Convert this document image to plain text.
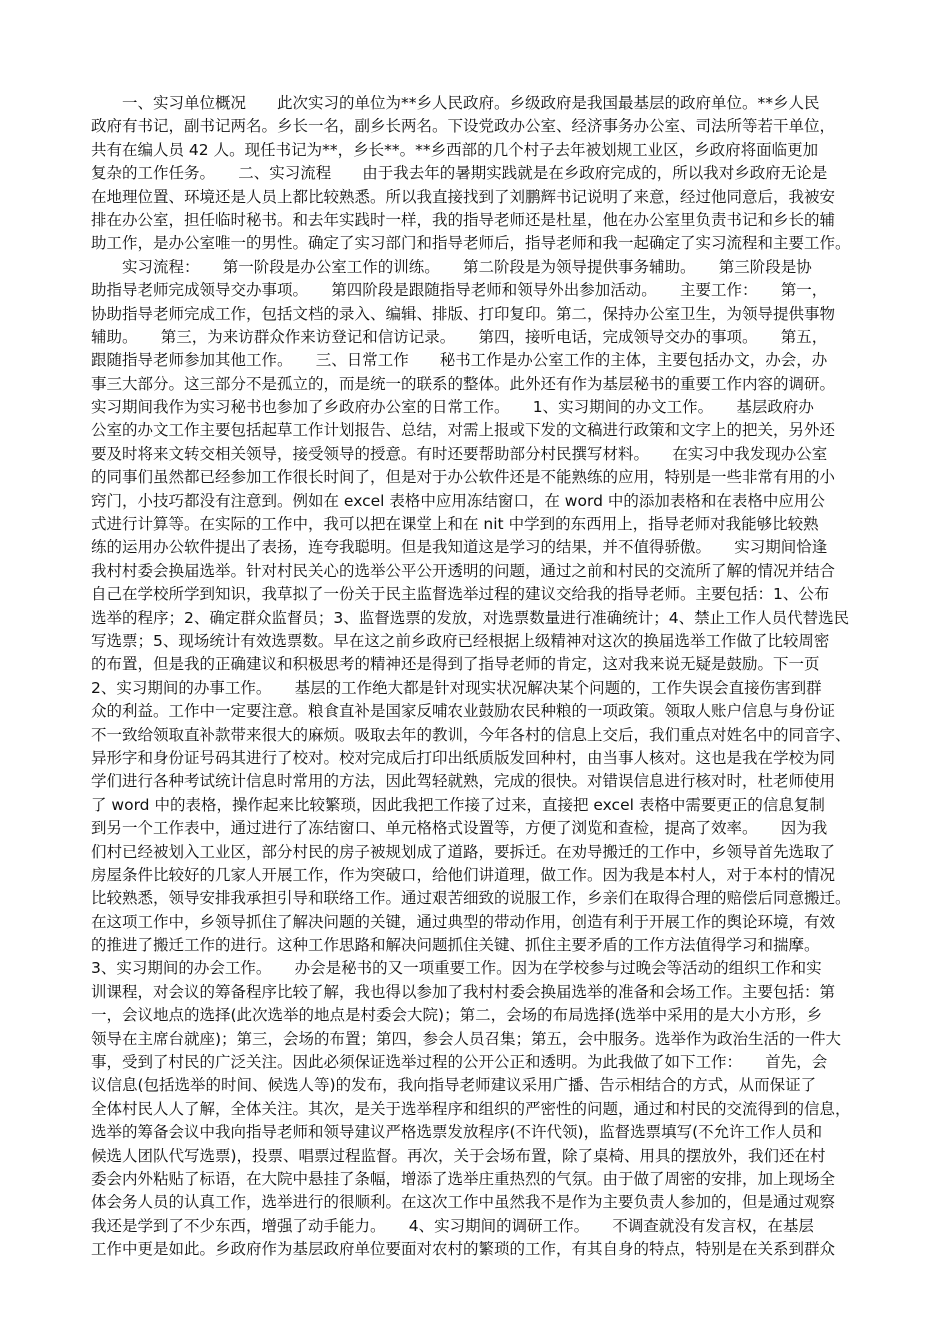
一、实习单位概况　　此次实习的单位为**乡人民政府。乡级政府是我国最基层的政府单位。**乡人民
政府有书记，副书记两名。乡长一名，副乡长两名。下设党政办公室、经济事务办公室、司法所等若干单位，
共有在编人员 42 人。现任书记为**，乡长**。**乡西部的几个村子去年被划规工业区，乡政府将面临更加
复杂的工作任务。　　二、实习流程　　由于我去年的暑期实践就是在乡政府完成的，所以我对乡政府无论是
在地理位置、环境还是人员上都比较熟悉。所以我直接找到了刘鹏辉书记说明了来意，经过他同意后，我被安
排在办公室，担任临时秘书。和去年实践时一样，我的指导老师还是杜星，他在办公室里负责书记和乡长的辅
助工作，是办公室唯一的男性。确定了实习部门和指导老师后，指导老师和我一起确定了实习流程和主要工作。
　　实习流程：　　第一阶段是办公室工作的训练。　　第二阶段是为领导提供事务辅助。　　第三阶段是协
助指导老师完成领导交办事项。　　第四阶段是跟随指导老师和领导外出参加活动。　　主要工作：　　第一，
协助指导老师完成工作，包括文档的录入、编辑、排版、打印复印。第二，保持办公室卫生，为领导提供事物
辅助。　　第三，为来访群众作来访登记和信访记录。　　第四，接听电话，完成领导交办的事项。　　第五，
跟随指导老师参加其他工作。　　三、日常工作　　秘书工作是办公室工作的主体，主要包括办文，办会，办
事三大部分。这三部分不是孤立的，而是统一的联系的整体。此外还有作为基层秘书的重要工作内容的调研。
实习期间我作为实习秘书也参加了乡政府办公室的日常工作。　　1、实习期间的办文工作。　　基层政府办
公室的办文工作主要包括起草工作计划报告、总结，对需上报或下发的文稿进行政策和文字上的把关，另外还
要及时将来文转交相关领导，接受领导的授意。有时还要帮助部分村民撰写材料。　　在实习中我发现办公室
的同事们虽然都已经参加工作很长时间了，但是对于办公软件还是不能熟练的应用，特别是一些非常有用的小
窍门，小技巧都没有注意到。例如在 excel 表格中应用冻结窗口，在 word 中的添加表格和在表格中应用公
式进行计算等。在实际的工作中，我可以把在课堂上和在 nit 中学到的东西用上，指导老师对我能够比较熟
练的运用办公软件提出了表扬，连夸我聪明。但是我知道这是学习的结果，并不值得骄傲。　　实习期间恰逢
我村村委会换届选举。针对村民关心的选举公平公开透明的问题，通过之前和村民的交流所了解的情况并结合
自己在学校所学到知识，我草拟了一份关于民主监督选举过程的建议交给我的指导老师。主要包括：1、公布
选举的程序；2、确定群众监督员；3、监督选票的发放，对选票数量进行准确统计；4、禁止工作人员代替选民
写选票；5、现场统计有效选票数。早在这之前乡政府已经根据上级精神对这次的换届选举工作做了比较周密
的布置，但是我的正确建议和积极思考的精神还是得到了指导老师的肯定，这对我来说无疑是鼓励。下一页
2、实习期间的办事工作。　　基层的工作绝大都是针对现实状况解决某个问题的，工作失误会直接伤害到群
众的利益。工作中一定要注意。粮食直补是国家反哺农业鼓励农民种粮的一项政策。领取人账户信息与身份证
不一致给领取直补款带来很大的麻烦。吸取去年的教训，今年各村的信息上交后，我们重点对姓名中的同音字、
异形字和身份证号码其进行了校对。校对完成后打印出纸质版发回种村，由当事人核对。这也是我在学校为同
学们进行各种考试统计信息时常用的方法，因此驾轻就熟，完成的很快。对错误信息进行核对时，杜老师使用
了 word 中的表格，操作起来比较繁琐，因此我把工作接了过来，直接把 excel 表格中需要更正的信息复制
到另一个工作表中，通过进行了冻结窗口、单元格格式设置等，方便了浏览和查检，提高了效率。　　因为我
们村已经被划入工业区，部分村民的房子被规划成了道路，要拆迁。在劝导搬迁的工作中，乡领导首先选取了
房屋条件比较好的几家人开展工作，作为突破口，给他们讲道理，做工作。因为我是本村人，对于本村的情况
比较熟悉，领导安排我承担引导和联络工作。通过艰苦细致的说服工作，乡亲们在取得合理的赔偿后同意搬迁。
在这项工作中，乡领导抓住了解决问题的关键，通过典型的带动作用，创造有利于开展工作的舆论环境，有效
的推进了搬迁工作的进行。这种工作思路和解决问题抓住关键、抓住主要矛盾的工作方法值得学习和揣摩。
3、实习期间的办会工作。　　办会是秘书的又一项重要工作。因为在学校参与过晚会等活动的组织工作和实
训课程，对会议的筹备程序比较了解，我也得以参加了我村村委会换届选举的准备和会场工作。主要包括：第
一，会议地点的选择(此次选举的地点是村委会大院)；第二，会场的布局选择(选举中采用的是大小方形，乡
领导在主席台就座)；第三，会场的布置；第四，参会人员召集；第五，会中服务。选举作为政治生活的一件大
事，受到了村民的广泛关注。因此必须保证选举过程的公开公正和透明。为此我做了如下工作：　　首先，会
议信息(包括选举的时间、候选人等)的发布，我向指导老师建议采用广播、告示相结合的方式，从而保证了
全体村民人人了解，全体关注。其次，是关于选举程序和组织的严密性的问题，通过和村民的交流得到的信息，
选举的筹备会议中我向指导老师和领导建议严格选票发放程序(不许代领)，监督选票填写(不允许工作人员和
候选人团队代写选票)，投票、唱票过程监督。再次，关于会场布置，除了桌椅、用具的摆放外，我们还在村
委会内外粘贴了标语，在大院中悬挂了条幅，增添了选举庄重热烈的气氛。由于做了周密的安排，加上现场全
体会务人员的认真工作，选举进行的很顺利。在这次工作中虽然我不是作为主要负责人参加的，但是通过观察
我还是学到了不少东西，增强了动手能力。　　4、实习期间的调研工作。　　不调查就没有发言权，在基层
工作中更是如此。乡政府作为基层政府单位要面对农村的繁琐的工作，有其自身的特点，特别是在关系到群众
